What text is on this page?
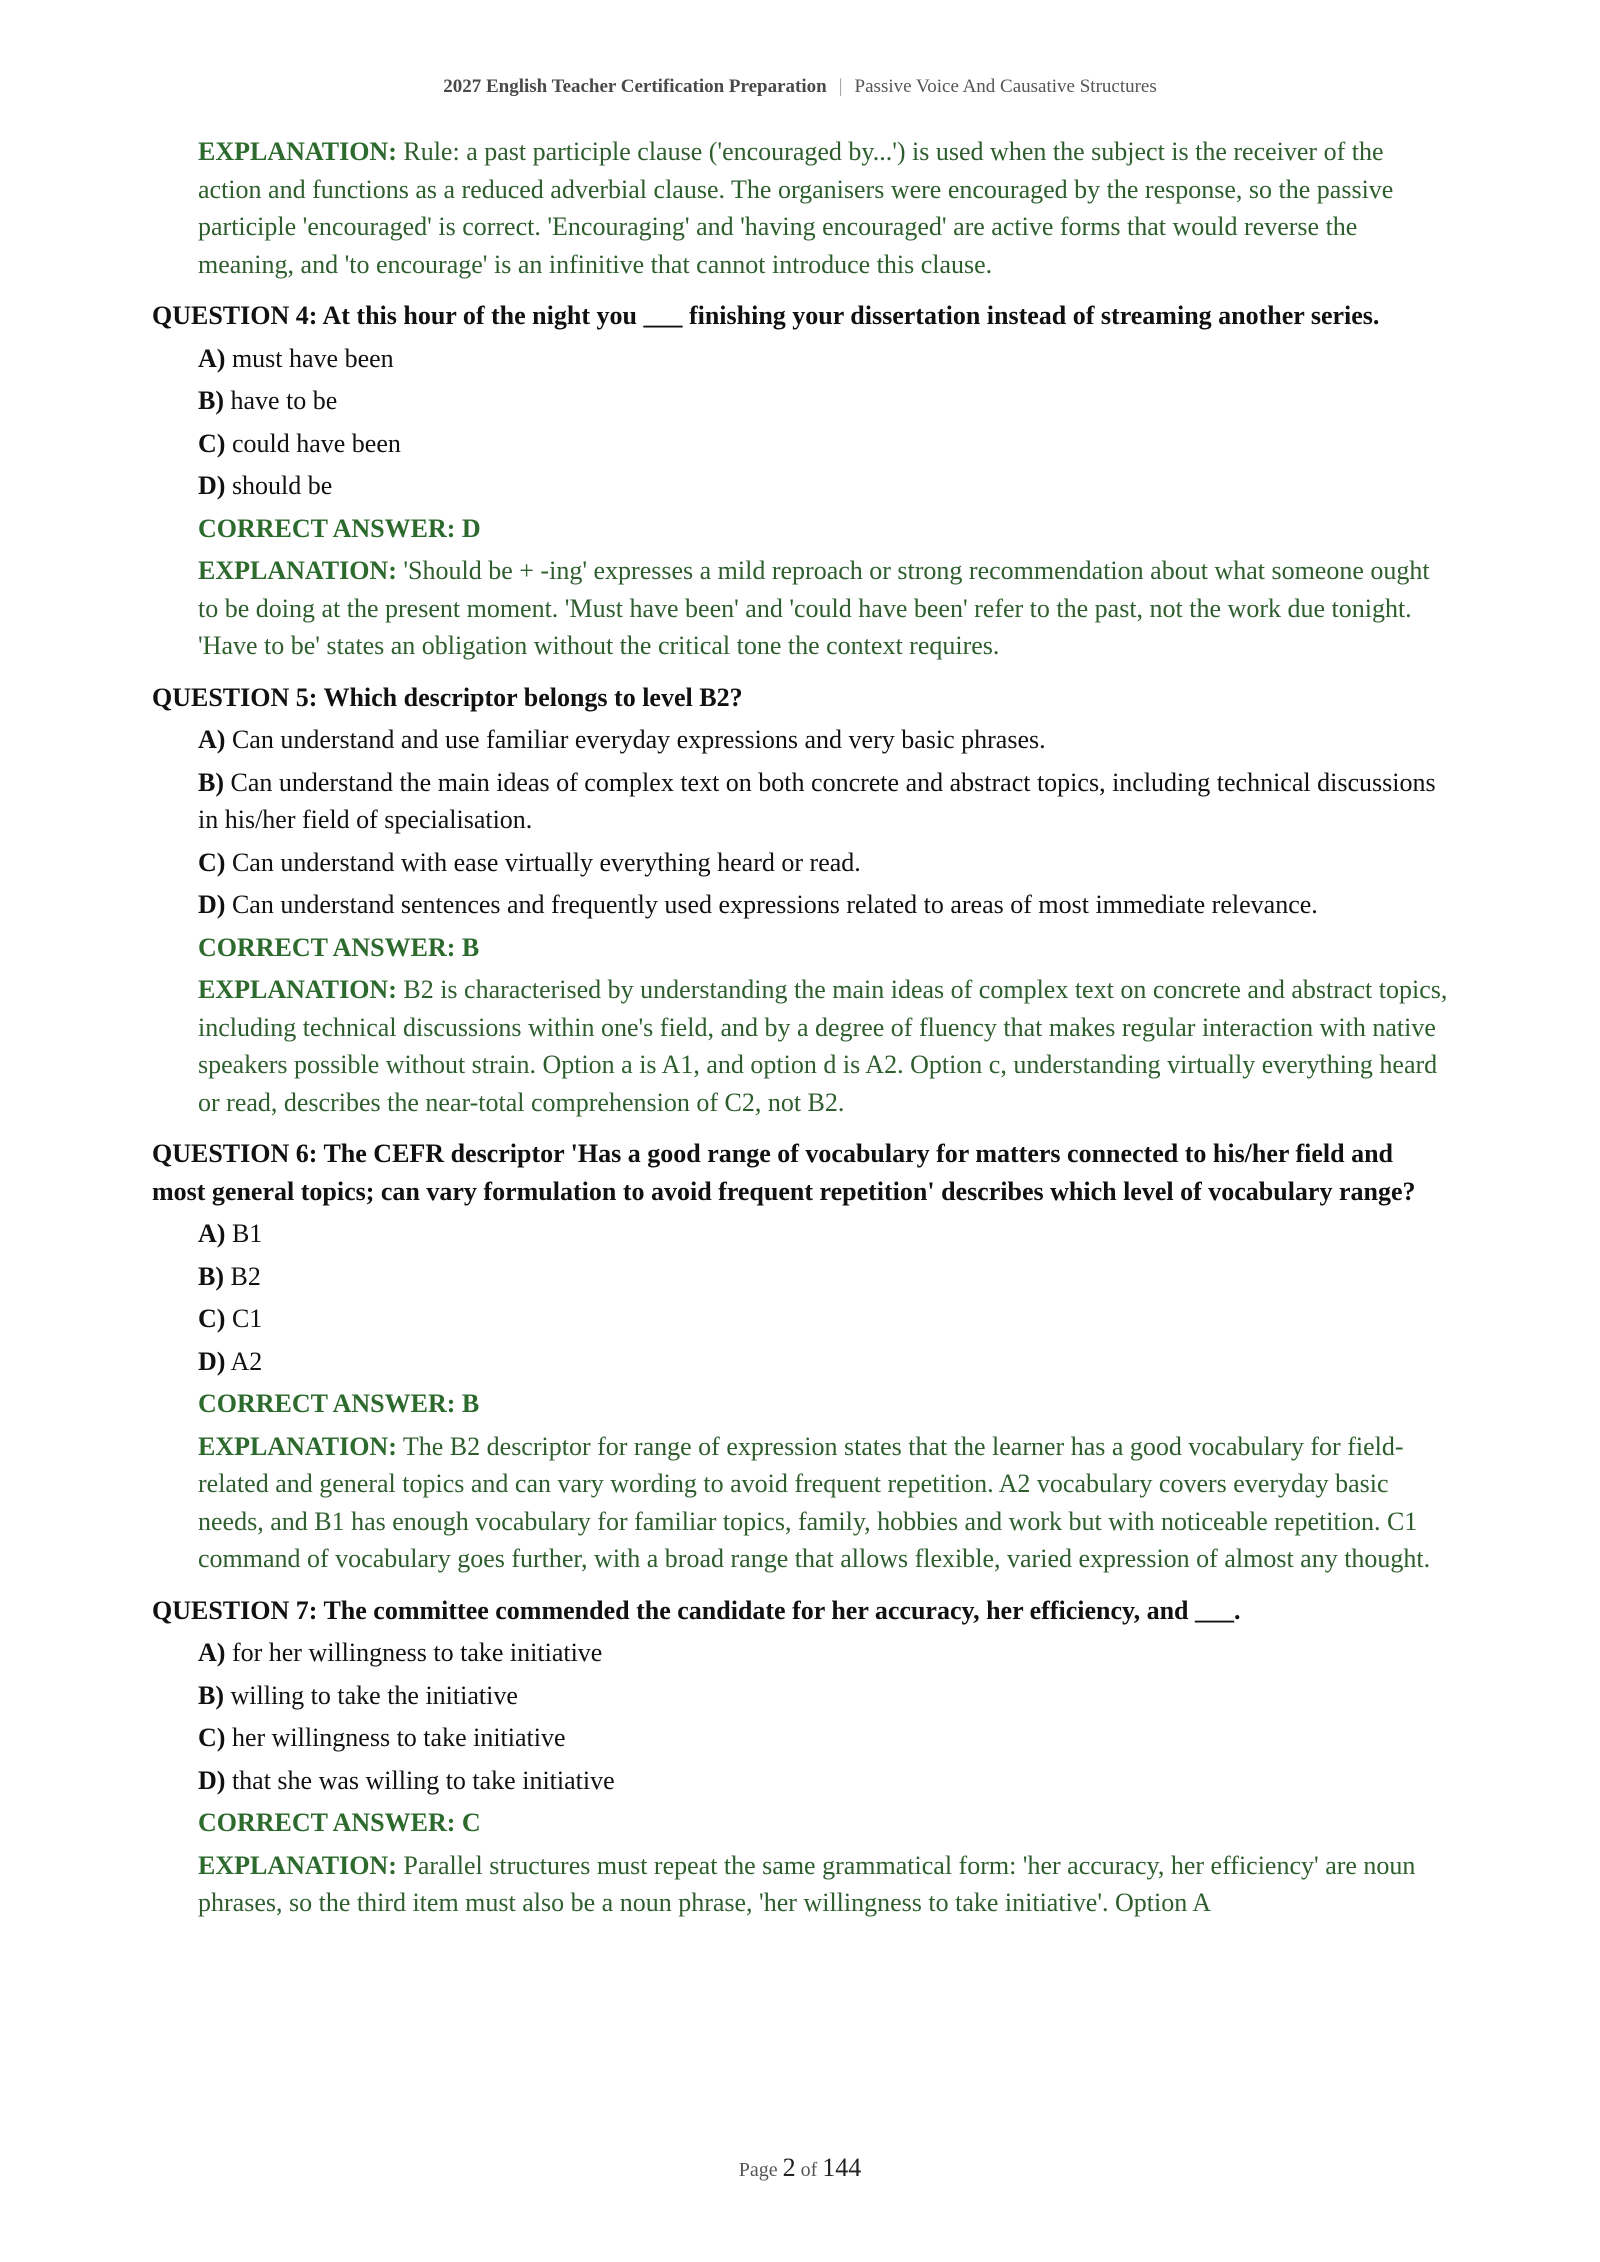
2027 English Teacher Certification Preparation | Passive Voice And Causative Structures
EXPLANATION: Rule: a past participle clause ('encouraged by...') is used when the subject is the receiver of the action and functions as a reduced adverbial clause. The organisers were encouraged by the response, so the passive participle 'encouraged' is correct. 'Encouraging' and 'having encouraged' are active forms that would reverse the meaning, and 'to encourage' is an infinitive that cannot introduce this clause.
QUESTION 4: At this hour of the night you ___ finishing your dissertation instead of streaming another series.
A) must have been
B) have to be
C) could have been
D) should be
CORRECT ANSWER: D
EXPLANATION: 'Should be + -ing' expresses a mild reproach or strong recommendation about what someone ought to be doing at the present moment. 'Must have been' and 'could have been' refer to the past, not the work due tonight. 'Have to be' states an obligation without the critical tone the context requires.
QUESTION 5: Which descriptor belongs to level B2?
A) Can understand and use familiar everyday expressions and very basic phrases.
B) Can understand the main ideas of complex text on both concrete and abstract topics, including technical discussions in his/her field of specialisation.
C) Can understand with ease virtually everything heard or read.
D) Can understand sentences and frequently used expressions related to areas of most immediate relevance.
CORRECT ANSWER: B
EXPLANATION: B2 is characterised by understanding the main ideas of complex text on concrete and abstract topics, including technical discussions within one's field, and by a degree of fluency that makes regular interaction with native speakers possible without strain. Option a is A1, and option d is A2. Option c, understanding virtually everything heard or read, describes the near-total comprehension of C2, not B2.
QUESTION 6: The CEFR descriptor 'Has a good range of vocabulary for matters connected to his/her field and most general topics; can vary formulation to avoid frequent repetition' describes which level of vocabulary range?
A) B1
B) B2
C) C1
D) A2
CORRECT ANSWER: B
EXPLANATION: The B2 descriptor for range of expression states that the learner has a good vocabulary for field-related and general topics and can vary wording to avoid frequent repetition. A2 vocabulary covers everyday basic needs, and B1 has enough vocabulary for familiar topics, family, hobbies and work but with noticeable repetition. C1 command of vocabulary goes further, with a broad range that allows flexible, varied expression of almost any thought.
QUESTION 7: The committee commended the candidate for her accuracy, her efficiency, and ___.
A) for her willingness to take initiative
B) willing to take the initiative
C) her willingness to take initiative
D) that she was willing to take initiative
CORRECT ANSWER: C
EXPLANATION: Parallel structures must repeat the same grammatical form: 'her accuracy, her efficiency' are noun phrases, so the third item must also be a noun phrase, 'her willingness to take initiative'. Option A
Page 2 of 144
